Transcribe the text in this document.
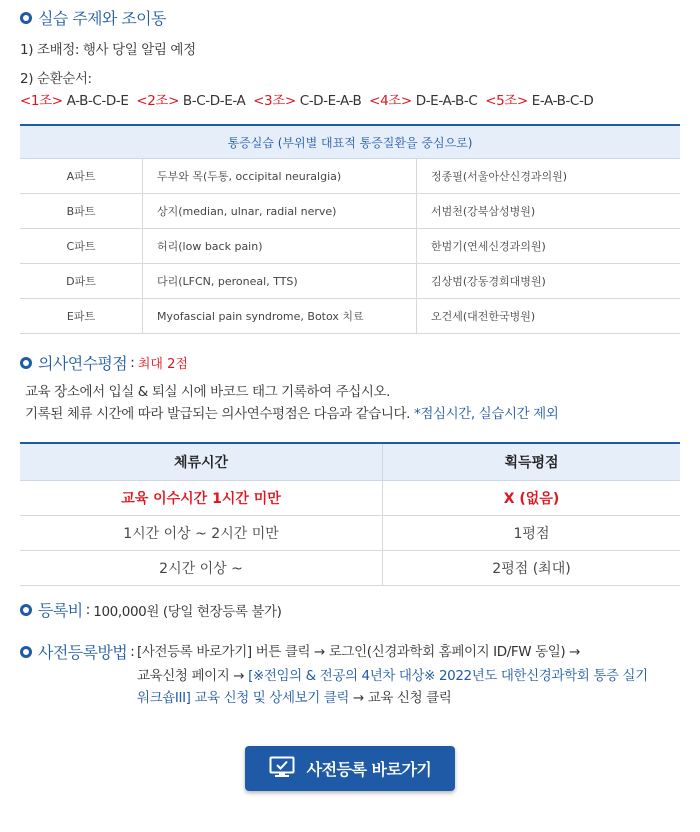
실습 주제와 조이동
1) 조배정: 행사 당일 알림 예정
2) 순환순서:
<1조> A-B-C-D-E <2조> B-C-D-E-A <3조> C-D-E-A-B <4조> D-E-A-B-C <5조> E-A-B-C-D
통증실습 (부위별 대표적 통증질환을 중심으로)		
A파트	두부와 목(두통, occipital neuralgia)	정종필(서울아산신경과의원)
B파트	상지(median, ulnar, radial nerve)	서범천(강북삼성병원)
C파트	허리(low back pain)	한범기(연세신경과의원)
D파트	다리(LFCN, peroneal, TTS)	김상범(강동경희대병원)
E파트	Myofascial pain syndrome, Botox 치료	오건세(대전한국병원)
의사연수평점 : 최대 2점
교육 장소에서 입실 & 퇴실 시에 바코드 태그 기록하여 주십시오.
기록된 체류 시간에 따라 발급되는 의사연수평점은 다음과 같습니다. *점심시간, 실습시간 제외
체류시간	획득평점
교육 이수시간 1시간 미만	X (없음)
1시간 이상 ~ 2시간 미만	1평점
2시간 이상 ~	2평점 (최대)
등록비 : 100,000원 (당일 현장등록 불가)
사전등록방법 : [사전등록 바로가기] 버튼 클릭 → 로그인(신경과학회 홈페이지 ID/FW 동일) →
교육신청 페이지 → [※전임의 & 전공의 4년차 대상※ 2022년도 대한신경과학회 통증 실기
워크숍III] 교육 신청 및 상세보기 클릭 → 교육 신청 클릭
사전등록 바로가기
